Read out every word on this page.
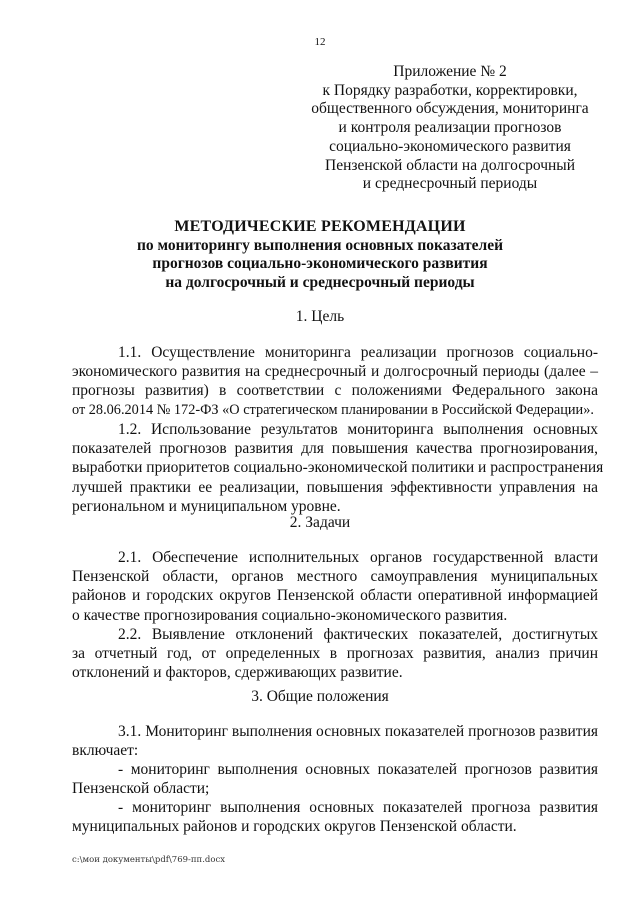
12
Приложение № 2
к Порядку разработки, корректировки,
общественного обсуждения, мониторинга
и контроля реализации прогнозов
социально-экономического развития
Пензенской области на долгосрочный
и среднесрочный периоды
МЕТОДИЧЕСКИЕ РЕКОМЕНДАЦИИ
по мониторингу выполнения основных показателей
прогнозов социально-экономического развития
на долгосрочный и среднесрочный периоды
1. Цель
1.1. Осуществление мониторинга реализации прогнозов социально-
экономического развития на среднесрочный и долгосрочный периоды (далее –
прогнозы развития) в соответствии с положениями Федерального закона
от 28.06.2014 № 172-ФЗ «О стратегическом планировании в Российской Федерации».
1.2. Использование результатов мониторинга выполнения основных
показателей прогнозов развития для повышения качества прогнозирования,
выработки приоритетов социально-экономической политики и распространения
лучшей практики ее реализации, повышения эффективности управления на
региональном и муниципальном уровне.
2. Задачи
2.1. Обеспечение исполнительных органов государственной власти
Пензенской области, органов местного самоуправления муниципальных
районов и городских округов Пензенской области оперативной информацией
о качестве прогнозирования социально-экономического развития.
2.2. Выявление отклонений фактических показателей, достигнутых
за отчетный год, от определенных в прогнозах развития, анализ причин
отклонений и факторов, сдерживающих развитие.
3. Общие положения
3.1. Мониторинг выполнения основных показателей прогнозов развития
включает:
- мониторинг выполнения основных показателей прогнозов развития
Пензенской области;
- мониторинг выполнения основных показателей прогноза развития
муниципальных районов и городских округов Пензенской области.
c:\мои документы\pdf\769-пп.docx
